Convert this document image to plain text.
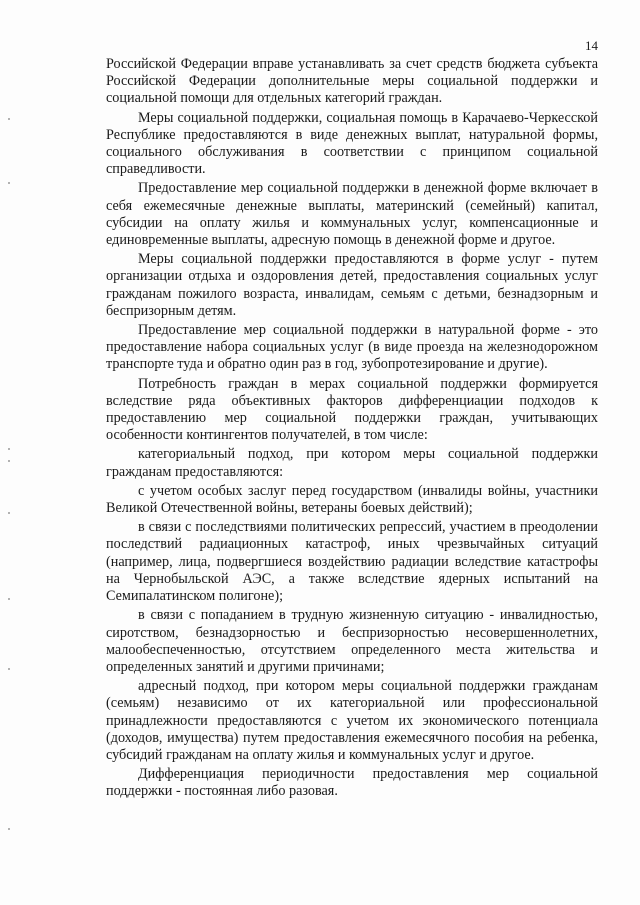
14

Российской Федерации вправе устанавливать за счет средств бюджета субъекта Российской Федерации дополнительные меры социальной поддержки и социальной помощи для отдельных категорий граждан.

Меры социальной поддержки, социальная помощь в Карачаево-Черкесской Республике предоставляются в виде денежных выплат, натуральной формы, социального обслуживания в соответствии с принципом социальной справедливости.

Предоставление мер социальной поддержки в денежной форме включает в себя ежемесячные денежные выплаты, материнский (семейный) капитал, субсидии на оплату жилья и коммунальных услуг, компенсационные и единовременные выплаты, адресную помощь в денежной форме и другое.

Меры социальной поддержки предоставляются в форме услуг - путем организации отдыха и оздоровления детей, предоставления социальных услуг гражданам пожилого возраста, инвалидам, семьям с детьми, безнадзорным и беспризорным детям.

Предоставление мер социальной поддержки в натуральной форме - это предоставление набора социальных услуг (в виде проезда на железнодорожном транспорте туда и обратно один раз в год, зубопротезирование и другие).

Потребность граждан в мерах социальной поддержки формируется вследствие ряда объективных факторов дифференциации подходов к предоставлению мер социальной поддержки граждан, учитывающих особенности контингентов получателей, в том числе:

категориальный подход, при котором меры социальной поддержки гражданам предоставляются:

с учетом особых заслуг перед государством (инвалиды войны, участники Великой Отечественной войны, ветераны боевых действий);

в связи с последствиями политических репрессий, участием в преодолении последствий радиационных катастроф, иных чрезвычайных ситуаций (например, лица, подвергшиеся воздействию радиации вследствие катастрофы на Чернобыльской АЭС, а также вследствие ядерных испытаний на Семипалатинском полигоне);

в связи с попаданием в трудную жизненную ситуацию - инвалидностью, сиротством, безнадзорностью и беспризорностью несовершеннолетних, малообеспеченностью, отсутствием определенного места жительства и определенных занятий и другими причинами;

адресный подход, при котором меры социальной поддержки гражданам (семьям) независимо от их категориальной или профессиональной принадлежности предоставляются с учетом их экономического потенциала (доходов, имущества) путем предоставления ежемесячного пособия на ребенка, субсидий гражданам на оплату жилья и коммунальных услуг и другое.

Дифференциация периодичности предоставления мер социальной поддержки - постоянная либо разовая.
